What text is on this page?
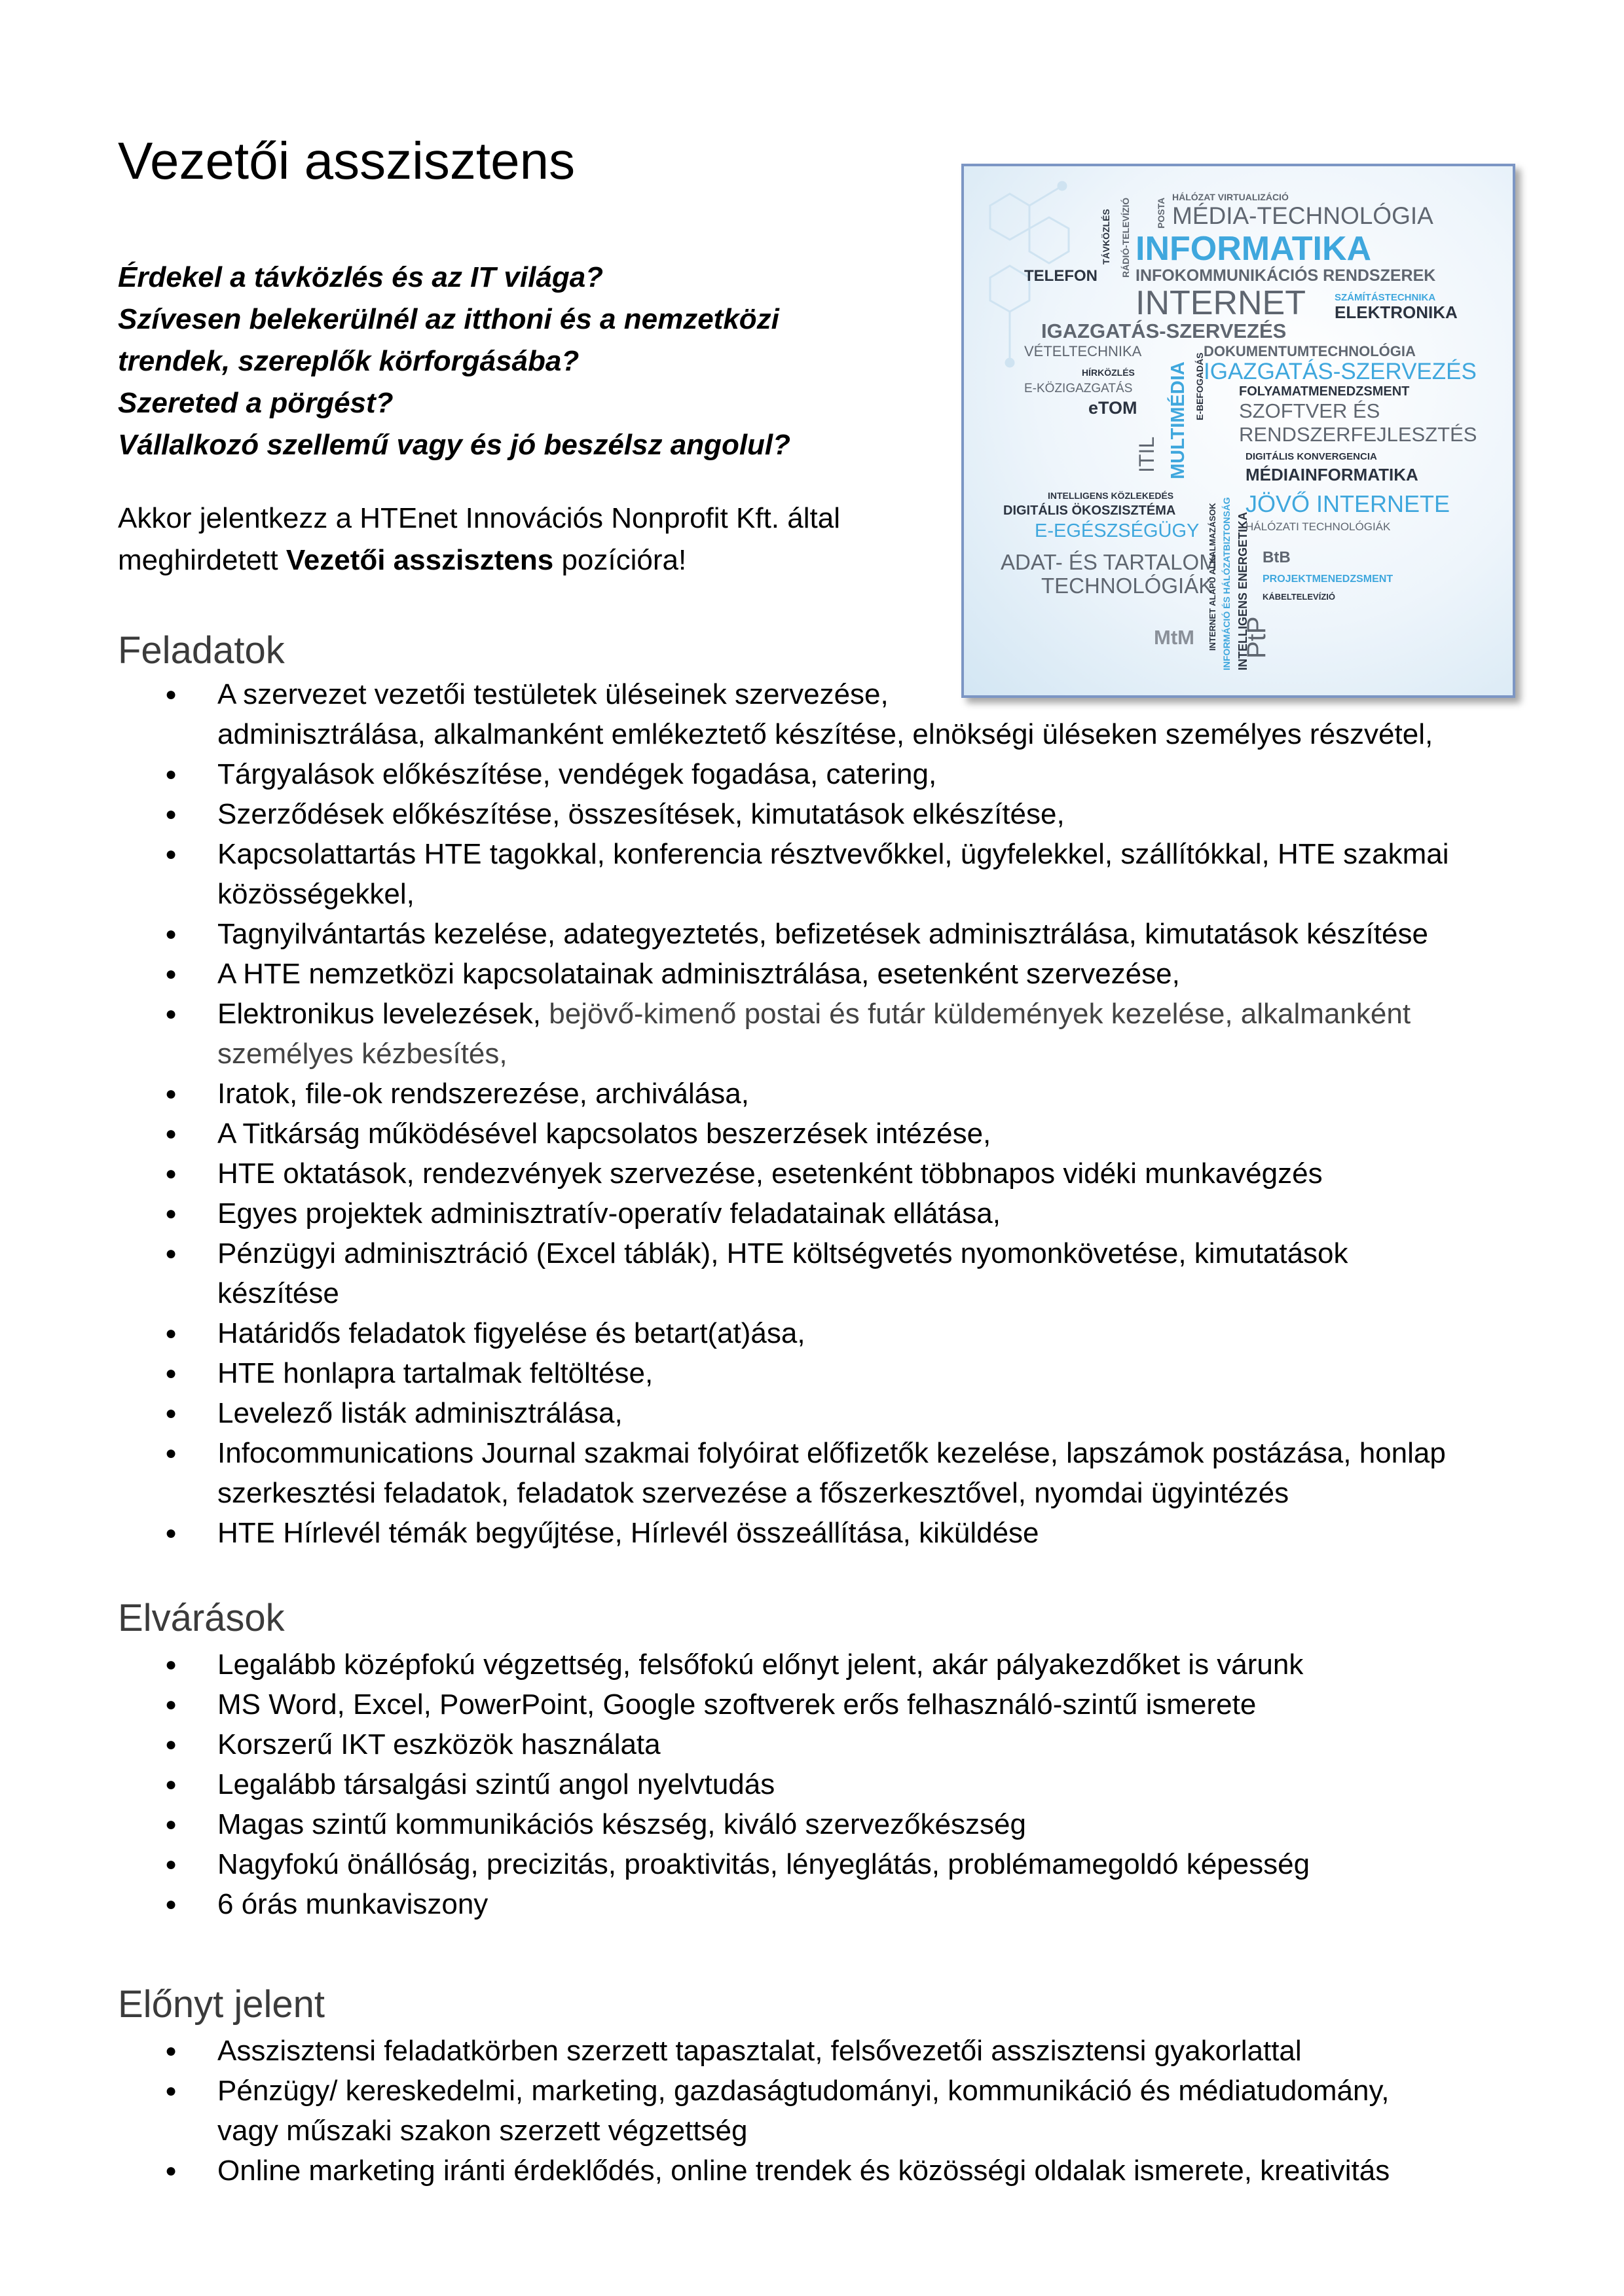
Vezetői asszisztens

Érdekel a távközlés és az IT világa?
Szívesen belekerülnél az itthoni és a nemzetközi
trendek, szereplők körforgásába?
Szereted a pörgést?
Vállalkozó szellemű vagy és jó beszélsz angolul?

Akkor jelentkezz a HTEnet Innovációs Nonprofit Kft. által
meghirdetett Vezetői asszisztens pozícióra!

HÁLÓZAT VIRTUALIZÁCIÓ
POSTA MÉDIA-TECHNOLÓGIA
TÁVKÖZLÉS RÁDIÓ-TELEVÍZIÓ INFORMATIKA
TELEFON INFOKOMMUNIKÁCIÓS RENDSZEREK
INTERNET	SZÁMÍTÁSTECHNIKA
ELEKTRONIKA
IGAZGATÁS-SZERVEZÉS
VÉTELTECHNIKA	DOKUMENTUMTECHNOLÓGIA
HÍRKÖZLÉS	IGAZGATÁS-SZERVEZÉS
E-KÖZIGAZGATÁS	FOLYAMATMENEDZSMENT
eTOM	SZOFTVER ÉS
RENDSZERFEJLESZTÉS
MULTIMÉDIA
ITIL
E-BEFOGADÁS
DIGITÁLIS KONVERGENCIA
MÉDIAINFORMATIKA
INTELLIGENS KÖZLEKEDÉS
DIGITÁLIS ÖKOSZISZTÉMA	JÖVŐ INTERNETE
E-EGÉSZSÉGÜGY	HÁLÓZATI TECHNOLÓGIÁK
ADAT- ÉS TARTALOM
TECHNOLÓGIÁK
BtB
PROJEKTMENEDZSMENT
KÁBELTELEVÍZIÓ
MtM PtP
INTELLIGENS ENERGETIKA
INTERNET ALAPÚ ALKALMAZÁSOK INFORMÁCIÓ ÉS HÁLÓZATBIZTONSÁG
Feladatok
● A szervezet vezetői testületek üléseinek szervezése,
adminisztrálása, alkalmanként emlékeztető készítése, elnökségi üléseken személyes részvétel,
● Tárgyalások előkészítése, vendégek fogadása, catering,
● Szerződések előkészítése, összesítések, kimutatások elkészítése,
● Kapcsolattartás HTE tagokkal, konferencia résztvevőkkel, ügyfelekkel, szállítókkal, HTE szakmai
közösségekkel,
● Tagnyilvántartás kezelése, adategyeztetés, befizetések adminisztrálása, kimutatások készítése
● A HTE nemzetközi kapcsolatainak adminisztrálása, esetenként szervezése,
● Elektronikus levelezések, bejövő-kimenő postai és futár küldemények kezelése, alkalmanként
személyes kézbesítés,
● Iratok, file-ok rendszerezése, archiválása,
● A Titkárság működésével kapcsolatos beszerzések intézése,
● HTE oktatások, rendezvények szervezése, esetenként többnapos vidéki munkavégzés
● Egyes projektek adminisztratív-operatív feladatainak ellátása,
● Pénzügyi adminisztráció (Excel táblák), HTE költségvetés nyomonkövetése, kimutatások
készítése
● Határidős feladatok figyelése és betart(at)ása,
● HTE honlapra tartalmak feltöltése,
● Levelező listák adminisztrálása,
● Infocommunications Journal szakmai folyóirat előfizetők kezelése, lapszámok postázása, honlap
szerkesztési feladatok, feladatok szervezése a főszerkesztővel, nyomdai ügyintézés
● HTE Hírlevél témák begyűjtése, Hírlevél összeállítása, kiküldése
Elvárások
● Legalább középfokú végzettség, felsőfokú előnyt jelent, akár pályakezdőket is várunk
● MS Word, Excel, PowerPoint, Google szoftverek erős felhasználó-szintű ismerete
● Korszerű IKT eszközök használata
● Legalább társalgási szintű angol nyelvtudás
● Magas szintű kommunikációs készség, kiváló szervezőkészség
● Nagyfokú önállóság, precizitás, proaktivitás, lényeglátás, problémamegoldó képesség
● 6 órás munkaviszony
Előnyt jelent
● Asszisztensi feladatkörben szerzett tapasztalat, felsővezetői asszisztensi gyakorlattal
● Pénzügy/ kereskedelmi, marketing, gazdaságtudományi, kommunikáció és médiatudomány,
vagy műszaki szakon szerzett végzettség
● Online marketing iránti érdeklődés, online trendek és közösségi oldalak ismerete, kreativitás
